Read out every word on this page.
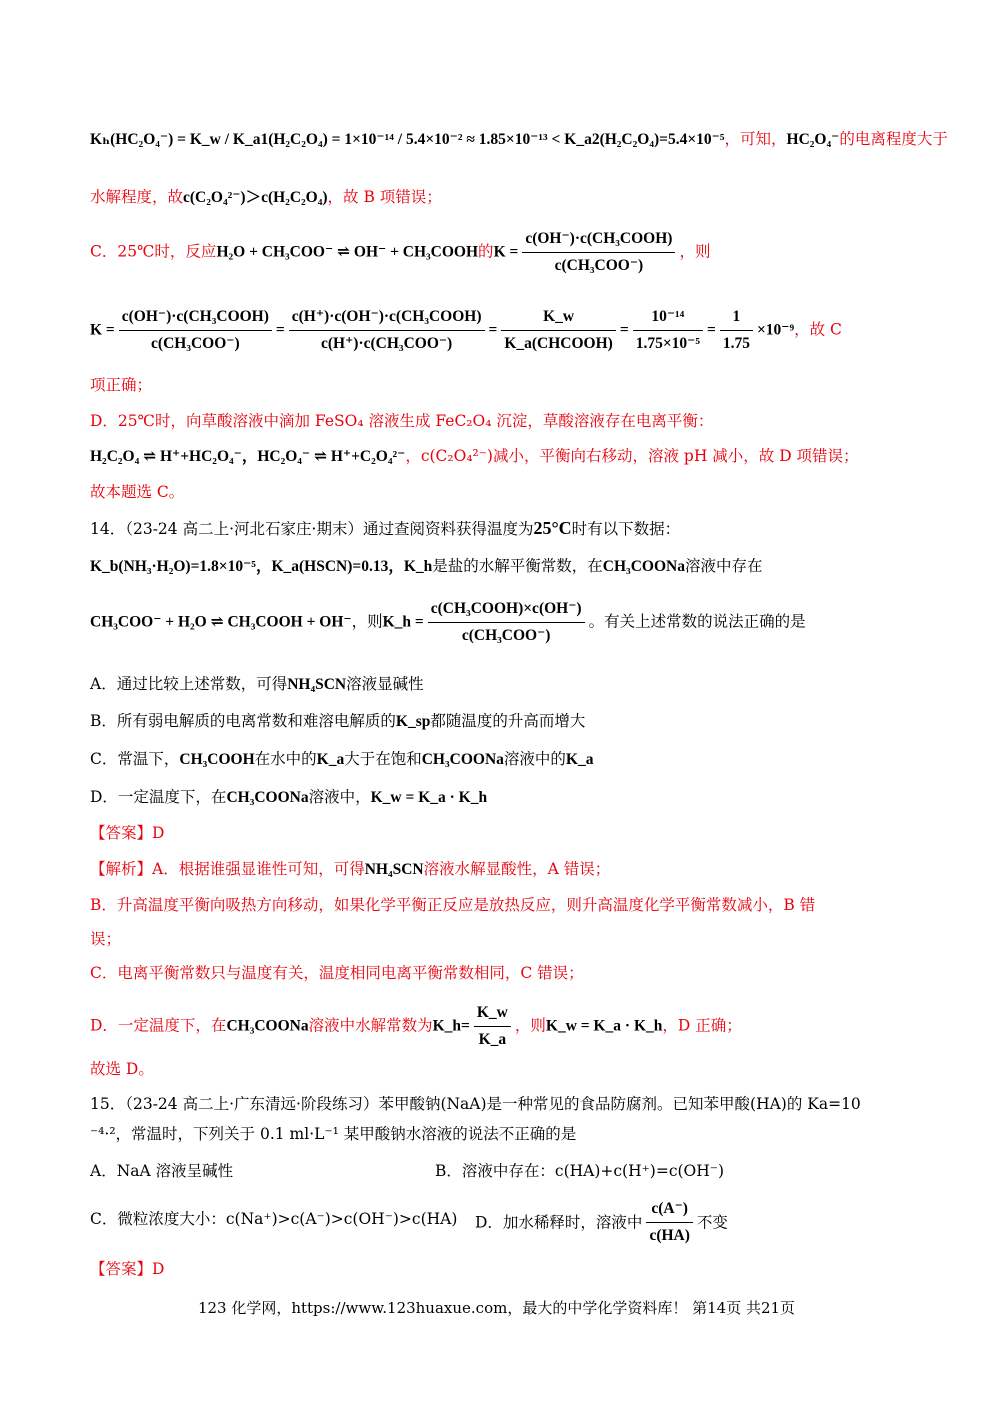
Kₕ(HC₂O₄⁻) = K_w / K_a1(H₂C₂O₄) = 1×10⁻¹⁴ / 5.4×10⁻² ≈ 1.85×10⁻¹³ < K_a2(H₂C₂O₄)=5.4×10⁻⁵，可知，HC₂O₄⁻的电离程度大于
水解程度，故c(C₂O₄²⁻)＞c(H₂C₂O₄)，故 B 项错误；
C．25℃时，反应H₂O + CH₃COO⁻ ⇌ OH⁻ + CH₃COOH的$K = \frac{\text{c(OH⁻)·c(CH₃COOH)}}{\text{c(CH₃COO⁻)}}$ ，则
$K = \frac{\text{c(OH⁻)·c(CH₃COOH)}}{\text{c(CH₃COO⁻)}} = \frac{\text{c(H⁺)·c(OH⁻)·c(CH₃COOH)}}{\text{c(H⁺)·c(CH₃COO⁻)}} = \frac{K\_w}{\text{K\_a(CHCOOH)}} = \frac{\text{10⁻¹⁴}}{\text{1.75×10⁻⁵}} = \frac{1}{1.75} \times 10^{-9}$，故 C
项正确；
D．25℃时，向草酸溶液中滴加 FeSO₄ 溶液生成 FeC₂O₄ 沉淀，草酸溶液存在电离平衡：
H₂C₂O₄ ⇌ H⁺+HC₂O₄⁻，HC₂O₄⁻ ⇌ H⁺+C₂O₄²⁻，c(C₂O₄²⁻)减小，平衡向右移动，溶液 pH 减小，故 D 项错误；
故本题选 C。
14．（23-24 高二上·河北石家庄·期末）通过查阅资料获得温度为25°C时有以下数据：
K_b(NH₃·H₂O)=1.8×10⁻⁵，K_a(HSCN)=0.13，K_h是盐的水解平衡常数，在CH₃COONa溶液中存在
CH₃COO⁻ + H₂O ⇌ CH₃COOH + OH⁻，则K_h = $\frac{\text{c(CH₃COOH)×c(OH⁻)}}{\text{c(CH₃COO⁻)}}$ 。有关上述常数的说法正确的是
A．通过比较上述常数，可得NH₄SCN溶液显碱性
B．所有弱电解质的电离常数和难溶电解质的K_sp都随温度的升高而增大
C．常温下，CH₃COOH在水中的K_a大于在饱和CH₃COONa溶液中的K_a
D．一定温度下，在CH₃COONa溶液中，K_w = K_a · K_h
【答案】D
【解析】A．根据谁强显谁性可知，可得NH₄SCN溶液水解显酸性，A 错误；
B．升高温度平衡向吸热方向移动，如果化学平衡正反应是放热反应，则升高温度化学平衡常数减小，B 错
误；
C．电离平衡常数只与温度有关，温度相同电离平衡常数相同，C 错误；
D．一定温度下，在CH₃COONa溶液中水解常数为K_h= $\frac{K\_w}{K\_a}$ ，则K_w = K_a · K_h，D 正确；
故选 D。
15．（23-24 高二上·广东清远·阶段练习）苯甲酸钠(NaA)是一种常见的食品防腐剂。已知苯甲酸(HA)的 Ka=10
⁻⁴·²，常温时，下列关于 0.1 ml·L⁻¹ 某甲酸钠水溶液的说法不正确的是
A．NaA 溶液呈碱性	B．溶液中存在：c(HA)+c(H⁺)=c(OH⁻)
C．微粒浓度大小：c(Na⁺)>c(A⁻)>c(OH⁻)>c(HA) D．加水稀释时，溶液中 $\frac{c(A^-)}{c(HA)}$ 不变
【答案】D
123 化学网，https://www.123huaxue.com，最大的中学化学资料库！ 第14页 共21页
